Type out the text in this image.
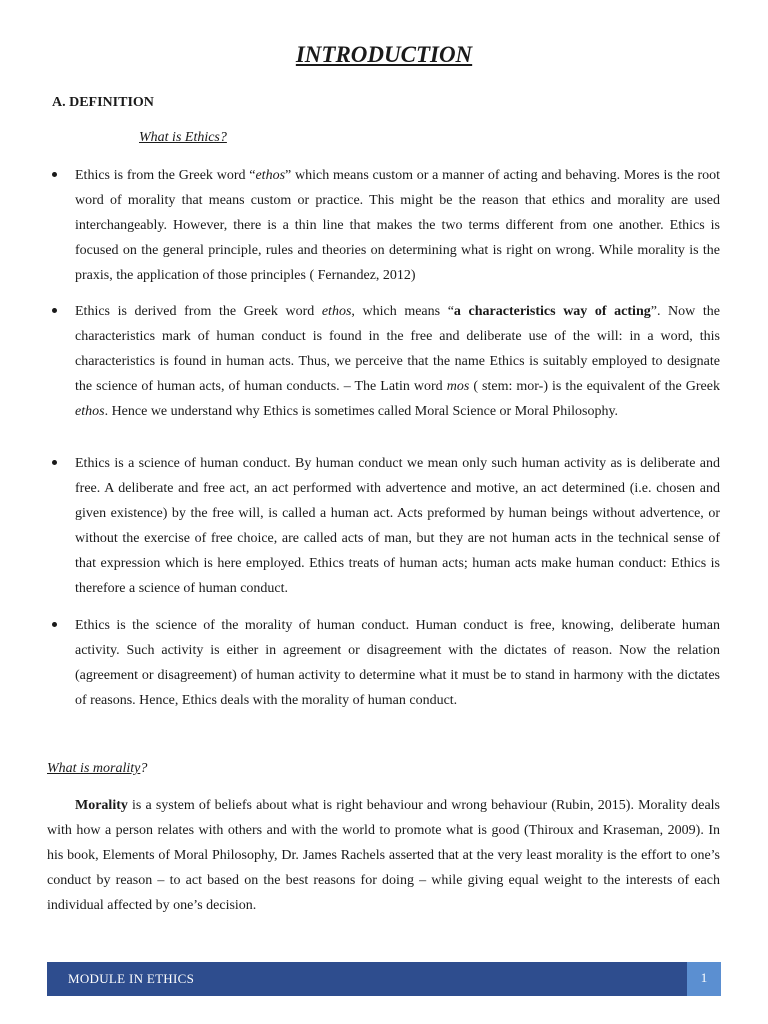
INTRODUCTION
A. DEFINITION
What is Ethics?

Ethics is from the Greek word “ethos” which means custom or a manner of acting and behaving. Mores is the root word of morality that means custom or practice. This might be the reason that ethics and morality are used interchangeably. However, there is a thin line that makes the two terms different from one another. Ethics is focused on the general principle, rules and theories on determining what is right on wrong. While morality is the praxis, the application of those principles ( Fernandez, 2012)

Ethics is derived from the Greek word ethos, which means “a characteristics way of acting”. Now the characteristics mark of human conduct is found in the free and deliberate use of the will: in a word, this characteristics is found in human acts. Thus, we perceive that the name Ethics is suitably employed to designate the science of human acts, of human conducts. – The Latin word mos ( stem: mor-) is the equivalent of the Greek ethos. Hence we understand why Ethics is sometimes called Moral Science or Moral Philosophy.

Ethics is a science of human conduct. By human conduct we mean only such human activity as is deliberate and free. A deliberate and free act, an act performed with advertence and motive, an act determined (i.e. chosen and given existence) by the free will, is called a human act. Acts preformed by human beings without advertence, or without the exercise of free choice, are called acts of man, but they are not human acts in the technical sense of that expression which is here employed. Ethics treats of human acts; human acts make human conduct: Ethics is therefore a science of human conduct.

Ethics is the science of the morality of human conduct. Human conduct is free, knowing, deliberate human activity. Such activity is either in agreement or disagreement with the dictates of reason. Now the relation (agreement or disagreement) of human activity to determine what it must be to stand in harmony with the dictates of reasons. Hence, Ethics deals with the morality of human conduct.

What is morality?

Morality is a system of beliefs about what is right behaviour and wrong behaviour (Rubin, 2015). Morality deals with how a person relates with others and with the world to promote what is good (Thiroux and Kraseman, 2009). In his book, Elements of Moral Philosophy, Dr. James Rachels asserted that at the very least morality is the effort to one’s conduct by reason – to act based on the best reasons for doing – while giving equal weight to the interests of each individual affected by one’s decision.

MODULE IN ETHICS	1
